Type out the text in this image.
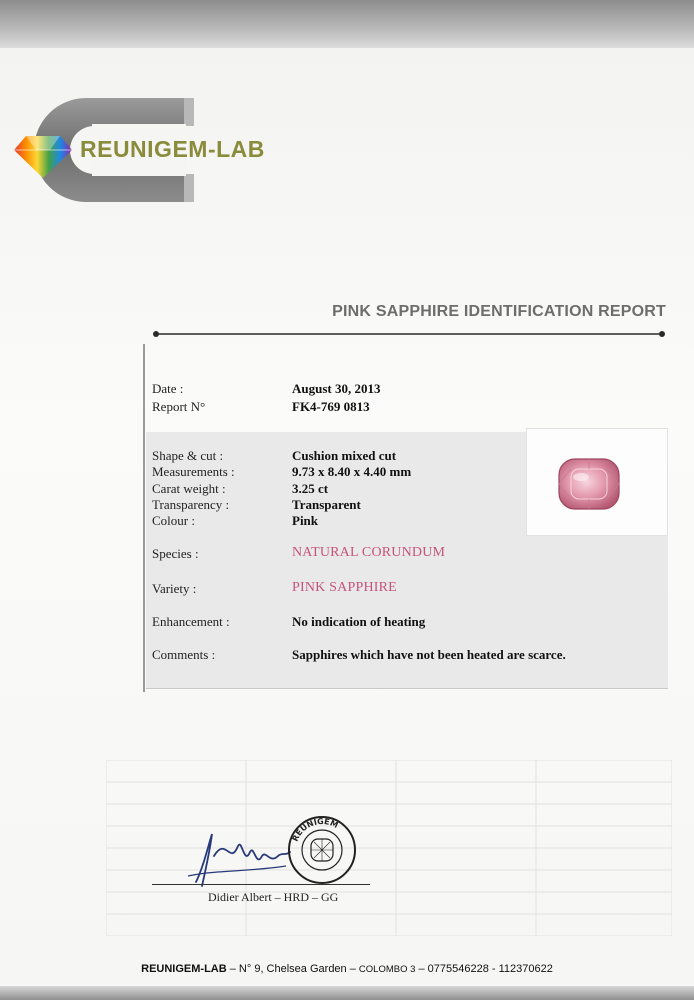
REUNIGEM-LAB
PINK SAPPHIRE IDENTIFICATION REPORT
Date :	August 30, 2013
Report N°	FK4-769 0813
Shape & cut :	Cushion mixed cut
Measurements :	9.73 x 8.40 x 4.40 mm
Carat weight :	3.25 ct
Transparency :	Transparent
Colour :	Pink
Species :	NATURAL CORUNDUM
Variety :	PINK SAPPHIRE
Enhancement :	No indication of heating
Comments :	Sapphires which have not been heated are scarce.
REUNIGEM
Didier Albert – HRD – GG
REUNIGEM-LAB – N° 9, Chelsea Garden – COLOMBO 3 – 0775546228 - 112370622
